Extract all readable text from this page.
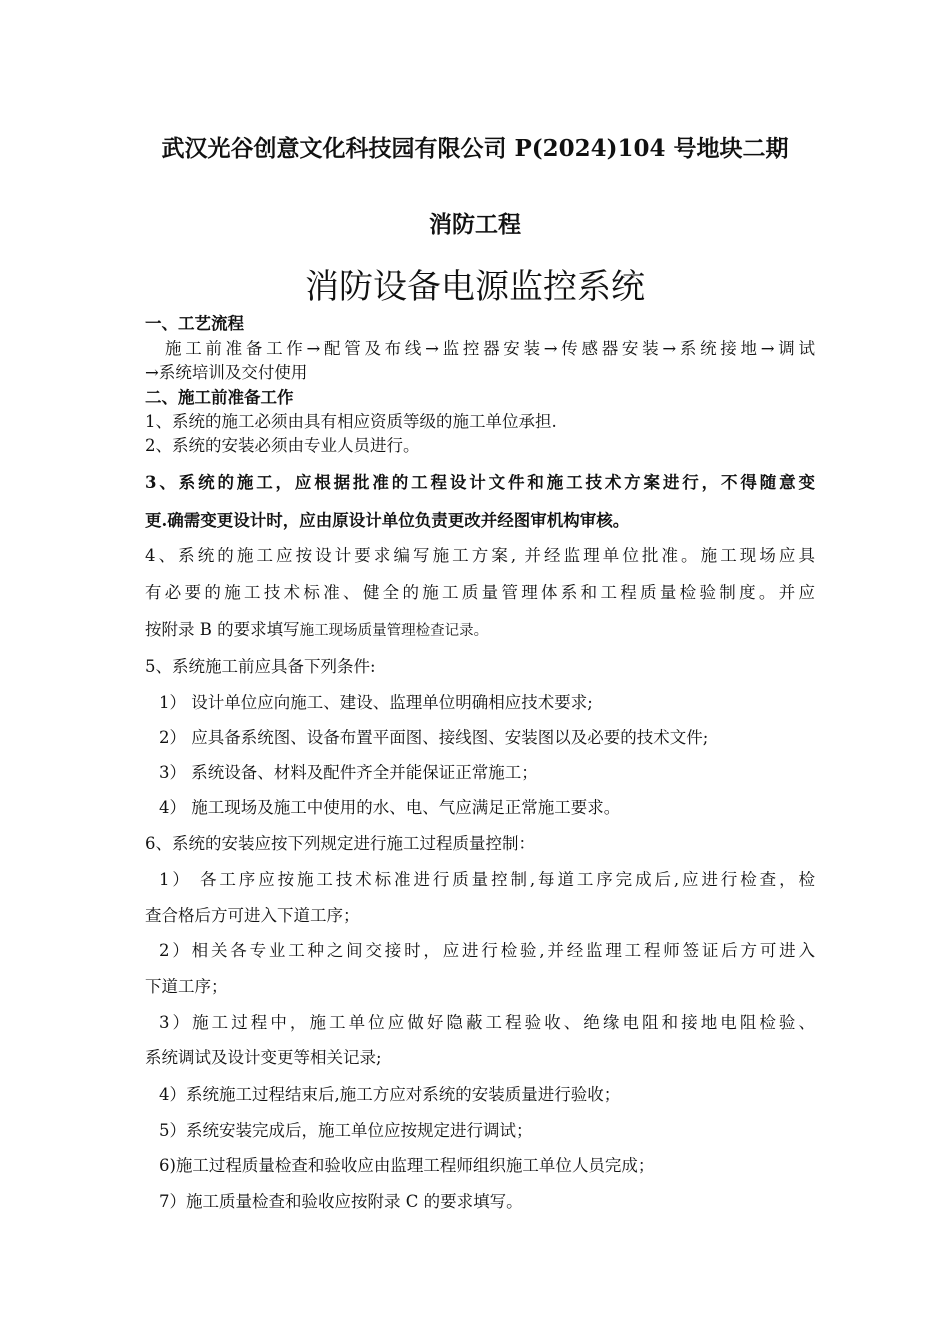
武汉光谷创意文化科技园有限公司 P(2024)104 号地块二期
消防工程
消防设备电源监控系统
一、工艺流程
施工前准备工作→配管及布线→监控器安装→传感器安装→系统接地→调试
→系统培训及交付使用
二、施工前准备工作
1、系统的施工必须由具有相应资质等级的施工单位承担.
2、系统的安装必须由专业人员进行。
3、系统的施工，应根据批准的工程设计文件和施工技术方案进行，不得随意变
更.确需变更设计时，应由原设计单位负责更改并经图审机构审核。
4、系统的施工应按设计要求编写施工方案, 并经监理单位批准。施工现场应具
有必要的施工技术标准、健全的施工质量管理体系和工程质量检验制度。并应
按附录 B 的要求填写施工现场质量管理检查记录。
5、系统施工前应具备下列条件:
1） 设计单位应向施工、建设、监理单位明确相应技术要求;
2） 应具备系统图、设备布置平面图、接线图、安装图以及必要的技术文件;
3） 系统设备、材料及配件齐全并能保证正常施工；
4） 施工现场及施工中使用的水、电、气应满足正常施工要求。
6、系统的安装应按下列规定进行施工过程质量控制：
1） 各工序应按施工技术标准进行质量控制,每道工序完成后,应进行检查，检
查合格后方可进入下道工序；
2）相关各专业工种之间交接时，应进行检验,并经监理工程师签证后方可进入
下道工序；
3）施工过程中，施工单位应做好隐蔽工程验收、绝缘电阻和接地电阻检验、
系统调试及设计变更等相关记录;
4）系统施工过程结束后,施工方应对系统的安装质量进行验收；
5）系统安装完成后，施工单位应按规定进行调试；
6)施工过程质量检查和验收应由监理工程师组织施工单位人员完成；
7）施工质量检查和验收应按附录 C 的要求填写。
